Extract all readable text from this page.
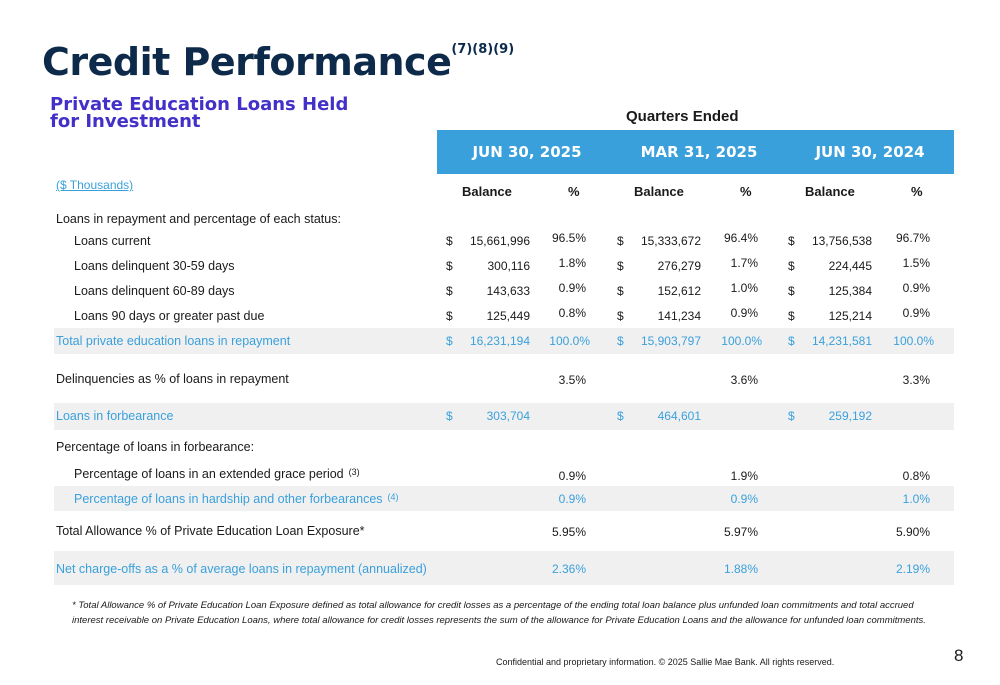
Credit Performance$^{(7)(8)(9)}$
Private Education Loans Held for Investment	Quarters Ended
JUN 30, 2025	MAR 31, 2025	JUN 30, 2024
($ Thousands)	Balance	%	Balance	%	Balance	%
Loans in repayment and percentage of each status:
Loans current	$	15,661,996	96.5%	$	15,333,672	96.4%	$	13,756,538	96.7%
Loans delinquent 30-59 days	$	300,116	1.8%	$	276,279	1.7%	$	224,445	1.5%
Loans delinquent 60-89 days	$	143,633	0.9%	$	152,612	1.0%	$	125,384	0.9%
Loans 90 days or greater past due	$	125,449	0.8%	$	141,234	0.9%	$	125,214	0.9%
Total private education loans in repayment	$	16,231,194	100.0% $	15,903,797	100.0% $	14,231,581	100.0%
Delinquencies as % of loans in repayment	3.5%	3.6%	3.3%
Loans in forbearance	$	303,704	$	464,601	$	259,192
Percentage of loans in forbearance:
Percentage of loans in an extended grace period $^{(3)}$	0.9%	1.9%	0.8%
Percentage of loans in hardship and other forbearances $^{(4)}$	0.9%	0.9%	1.0%
Total Allowance % of Private Education Loan Exposure*	5.95%	5.97%	5.90%
Net charge-offs as a % of average loans in repayment (annualized)	2.36%	1.88%	2.19%
* Total Allowance % of Private Education Loan Exposure defined as total allowance for credit losses as a percentage of the ending total loan balance plus unfunded loan commitments and total accrued interest receivable on Private Education Loans, where total allowance for credit losses represents the sum of the allowance for Private Education Loans and the allowance for unfunded loan commitments.
Confidential and proprietary information. © 2025 Sallie Mae Bank. All rights reserved.	8
